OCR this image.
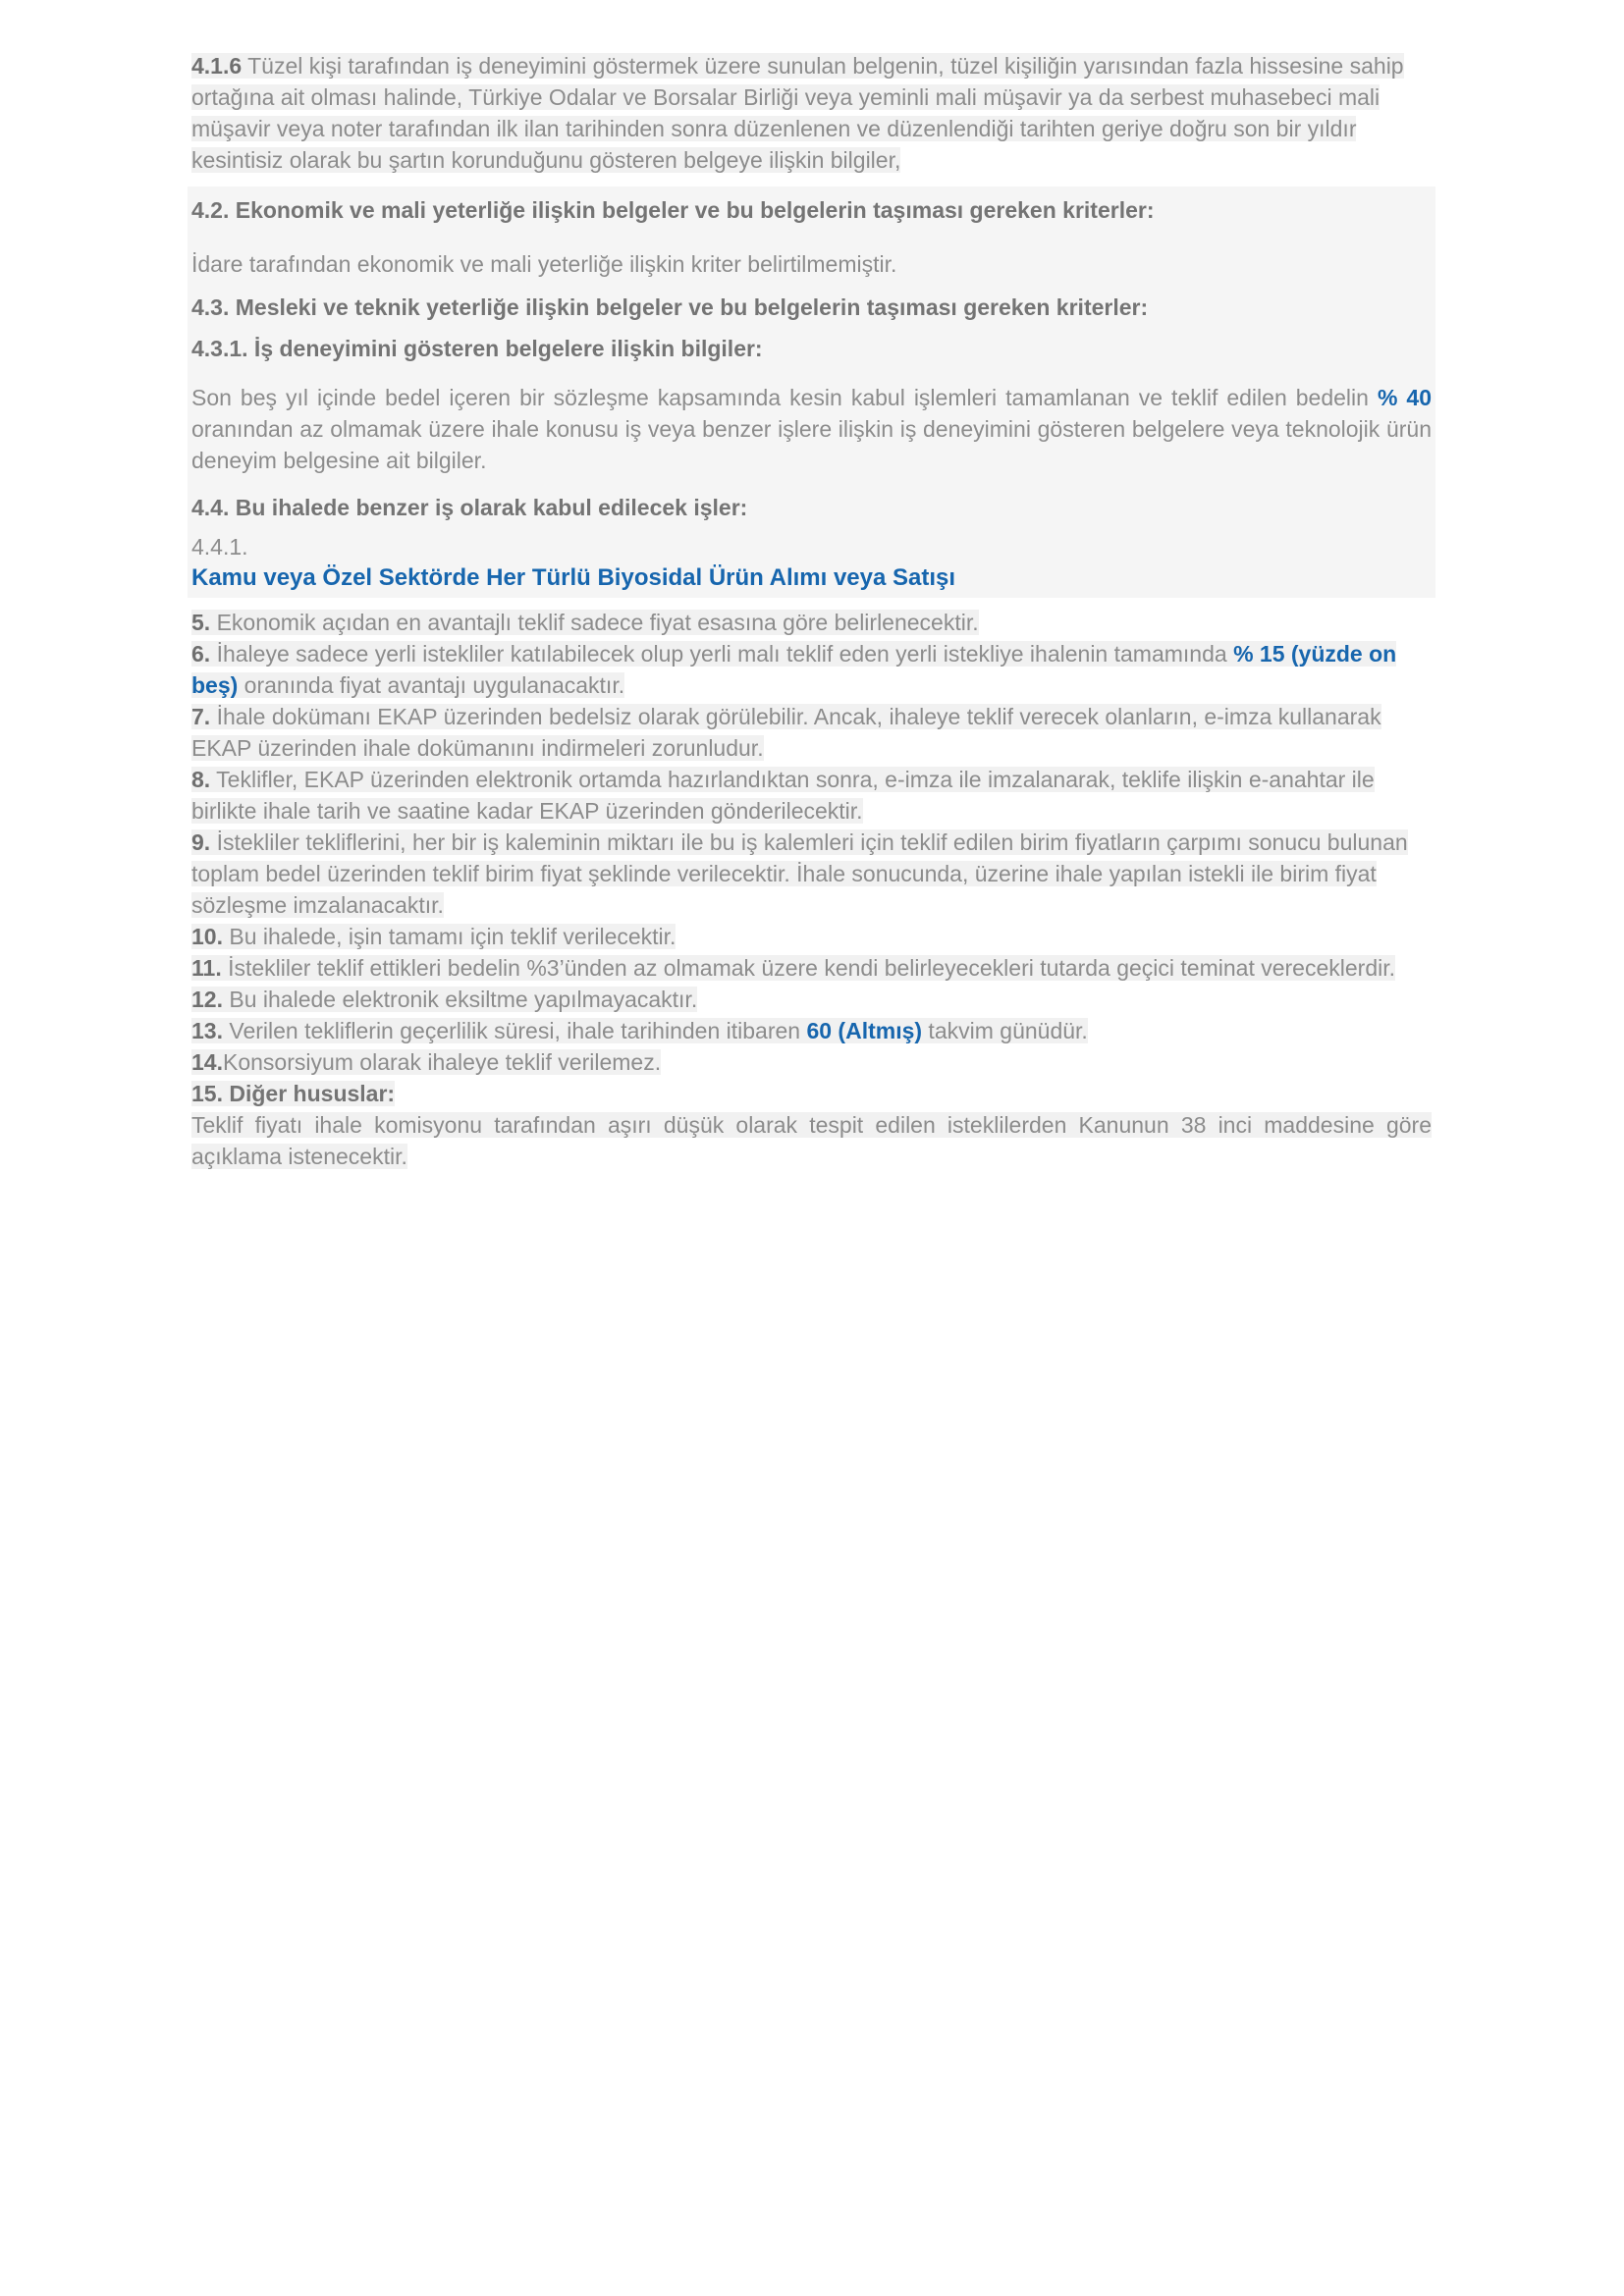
4.1.6 Tüzel kişi tarafından iş deneyimini göstermek üzere sunulan belgenin, tüzel kişiliğin yarısından fazla hissesine sahip ortağına ait olması halinde, Türkiye Odalar ve Borsalar Birliği veya yeminli mali müşavir ya da serbest muhasebeci mali müşavir veya noter tarafından ilk ilan tarihinden sonra düzenlenen ve düzenlendiği tarihten geriye doğru son bir yıldır kesintisiz olarak bu şartın korunduğunu gösteren belgeye ilişkin bilgiler,

4.2. Ekonomik ve mali yeterliğe ilişkin belgeler ve bu belgelerin taşıması gereken kriterler:

İdare tarafından ekonomik ve mali yeterliğe ilişkin kriter belirtilmemiştir.

4.3. Mesleki ve teknik yeterliğe ilişkin belgeler ve bu belgelerin taşıması gereken kriterler:

4.3.1. İş deneyimini gösteren belgelere ilişkin bilgiler:

Son beş yıl içinde bedel içeren bir sözleşme kapsamında kesin kabul işlemleri tamamlanan ve teklif edilen bedelin % 40 oranından az olmamak üzere ihale konusu iş veya benzer işlere ilişkin iş deneyimini gösteren belgelere veya teknolojik ürün deneyim belgesine ait bilgiler.

4.4. Bu ihalede benzer iş olarak kabul edilecek işler:

4.4.1.

Kamu veya Özel Sektörde Her Türlü Biyosidal Ürün Alımı veya Satışı

5. Ekonomik açıdan en avantajlı teklif sadece fiyat esasına göre belirlenecektir.

6. İhaleye sadece yerli istekliler katılabilecek olup yerli malı teklif eden yerli istekliye ihalenin tamamında % 15 (yüzde on beş) oranında fiyat avantajı uygulanacaktır.

7. İhale dokümanı EKAP üzerinden bedelsiz olarak görülebilir. Ancak, ihaleye teklif verecek olanların, e-imza kullanarak EKAP üzerinden ihale dokümanını indirmeleri zorunludur.

8. Teklifler, EKAP üzerinden elektronik ortamda hazırlandıktan sonra, e-imza ile imzalanarak, teklife ilişkin e-anahtar ile birlikte ihale tarih ve saatine kadar EKAP üzerinden gönderilecektir.

9. İstekliler tekliflerini, her bir iş kaleminin miktarı ile bu iş kalemleri için teklif edilen birim fiyatların çarpımı sonucu bulunan toplam bedel üzerinden teklif birim fiyat şeklinde verilecektir. İhale sonucunda, üzerine ihale yapılan istekli ile birim fiyat sözleşme imzalanacaktır.

10. Bu ihalede, işin tamamı için teklif verilecektir.

11. İstekliler teklif ettikleri bedelin %3’ünden az olmamak üzere kendi belirleyecekleri tutarda geçici teminat vereceklerdir.

12. Bu ihalede elektronik eksiltme yapılmayacaktır.

13. Verilen tekliflerin geçerlilik süresi, ihale tarihinden itibaren 60 (Altmış) takvim günüdür.

14.Konsorsiyum olarak ihaleye teklif verilemez.

15. Diğer hususlar:

Teklif fiyatı ihale komisyonu tarafından aşırı düşük olarak tespit edilen isteklilerden Kanunun 38 inci maddesine göre açıklama istenecektir.
